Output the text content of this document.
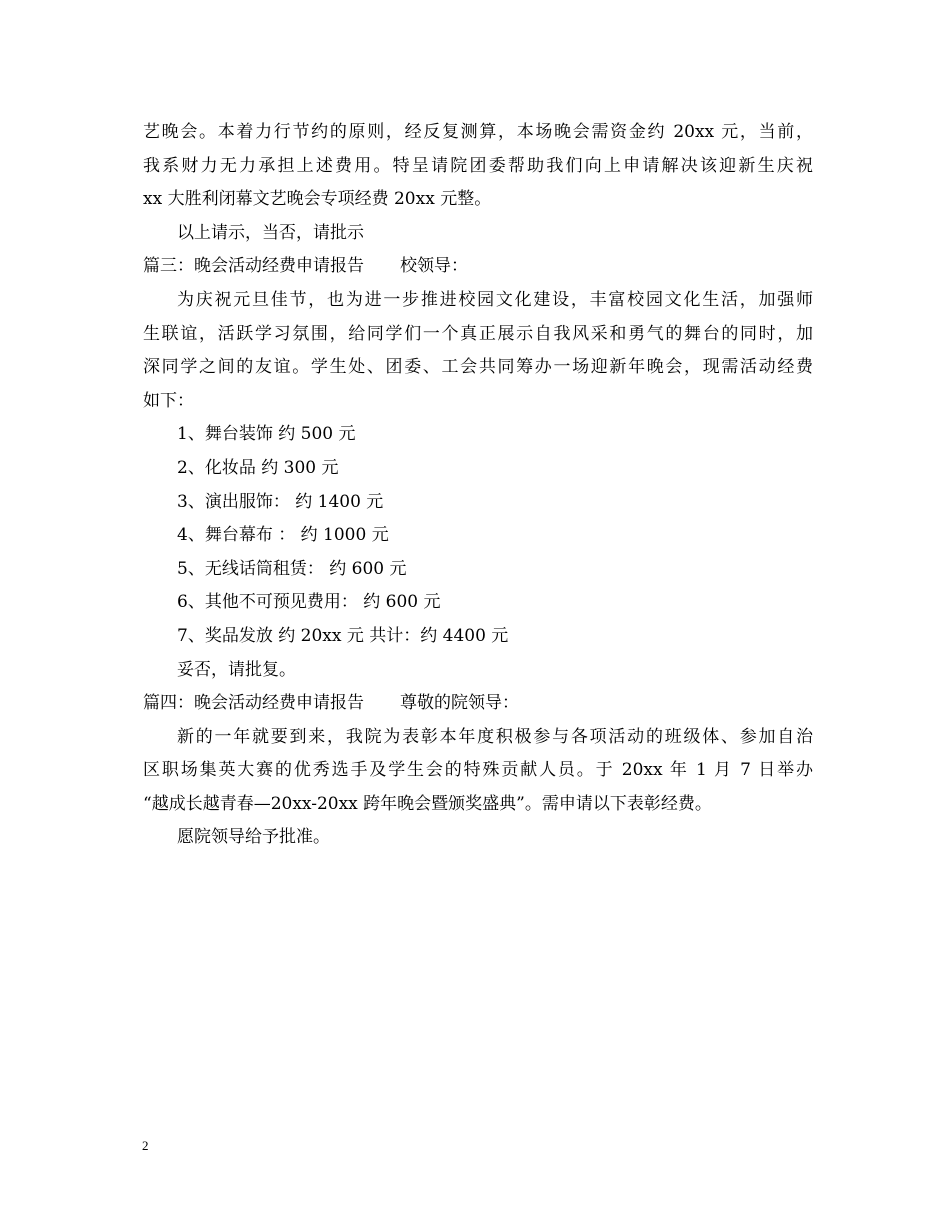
艺晚会。本着力行节约的原则，经反复测算，本场晚会需资金约 20xx 元，当前，
我系财力无力承担上述费用。特呈请院团委帮助我们向上申请解决该迎新生庆祝
xx 大胜利闭幕文艺晚会专项经费 20xx 元整。
以上请示，当否，请批示
篇三：晚会活动经费申请报告 校领导：
为庆祝元旦佳节，也为进一步推进校园文化建设，丰富校园文化生活，加强师
生联谊，活跃学习氛围，给同学们一个真正展示自我风采和勇气的舞台的同时，加
深同学之间的友谊。学生处、团委、工会共同筹办一场迎新年晚会，现需活动经费
如下：
1、舞台装饰 约 500 元
2、化妆品 约 300 元
3、演出服饰： 约 1400 元
4、舞台幕布 ： 约 1000 元
5、无线话筒租赁： 约 600 元
6、其他不可预见费用： 约 600 元
7、奖品发放 约 20xx 元 共计：约 4400 元
妥否，请批复。
篇四：晚会活动经费申请报告 尊敬的院领导：
新的一年就要到来，我院为表彰本年度积极参与各项活动的班级体、参加自治
区职场集英大赛的优秀选手及学生会的特殊贡献人员。于 20xx 年 1 月 7 日举办
“越成长越青春—20xx-20xx 跨年晚会暨颁奖盛典”。需申请以下表彰经费。
愿院领导给予批准。
2
